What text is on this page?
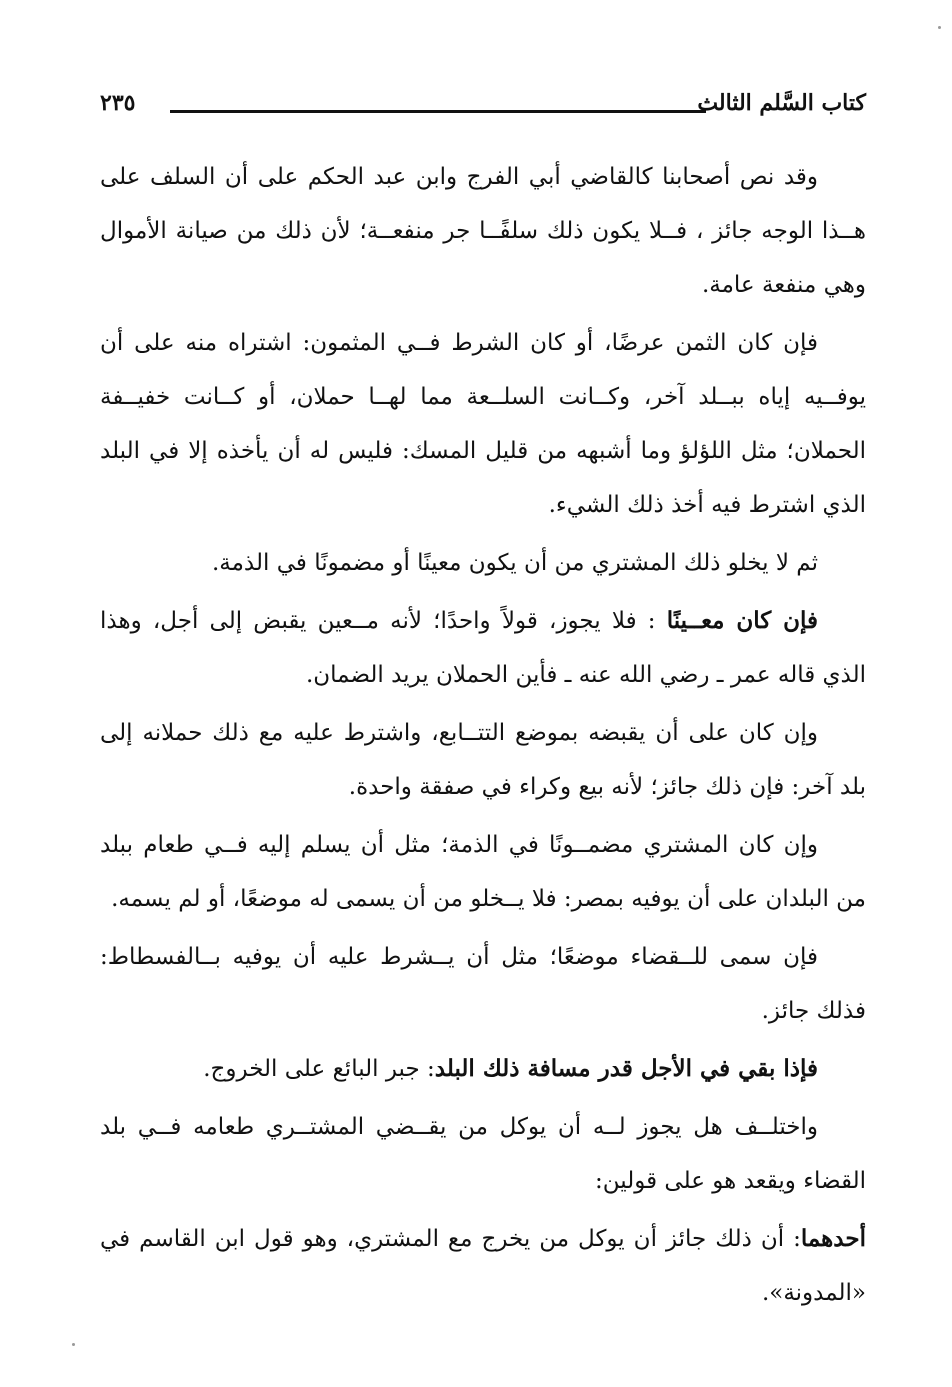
كتاب السَّلم الثالث
٢٣٥

وقد نص أصحابنا كالقاضي أبي الفرج وابن عبد الحكم على أن السلف على هــذا الوجه جائز ، فــلا يكون ذلك سلفًــا جر منفعــة؛ لأن ذلك من صيانة الأموال وهي منفعة عامة.

فإن كان الثمن عرضًا، أو كان الشرط فــي المثمون: اشتراه منه على أن يوفــيه إياه ببــلد آخر، وكــانت السلــعة مما لهــا حملان، أو كــانت خفيــفة الحملان؛ مثل اللؤلؤ وما أشبهه من قليل المسك: فليس له أن يأخذه إلا في البلد الذي اشترط فيه أخذ ذلك الشيء.

ثم لا يخلو ذلك المشتري من أن يكون معينًا أو مضمونًا في الذمة.

فإن كان معــينًا : فلا يجوز، قولاً واحدًا؛ لأنه مــعين يقبض إلى أجل، وهذا الذي قاله عمر ـ رضي الله عنه ـ فأين الحملان يريد الضمان.

وإن كان على أن يقبضه بموضع التتــابع، واشترط عليه مع ذلك حملانه إلى بلد آخر: فإن ذلك جائز؛ لأنه بيع وكراء في صفقة واحدة.

وإن كان المشتري مضمــونًا في الذمة؛ مثل أن يسلم إليه فــي طعام ببلد من البلدان على أن يوفيه بمصر: فلا يــخلو من أن يسمى له موضعًا، أو لم يسمه.

فإن سمى للــقضاء موضعًا؛ مثل أن يــشرط عليه أن يوفيه بــالفسطاط: فذلك جائز.

فإذا بقي في الأجل قدر مسافة ذلك البلد: جبر البائع على الخروج.

واختلــف هل يجوز لــه أن يوكل من يقــضي المشتــري طعامه فــي بلد القضاء ويقعد هو على قولين:

أحدهما: أن ذلك جائز أن يوكل من يخرج مع المشتري، وهو قول ابن القاسم في «المدونة».
